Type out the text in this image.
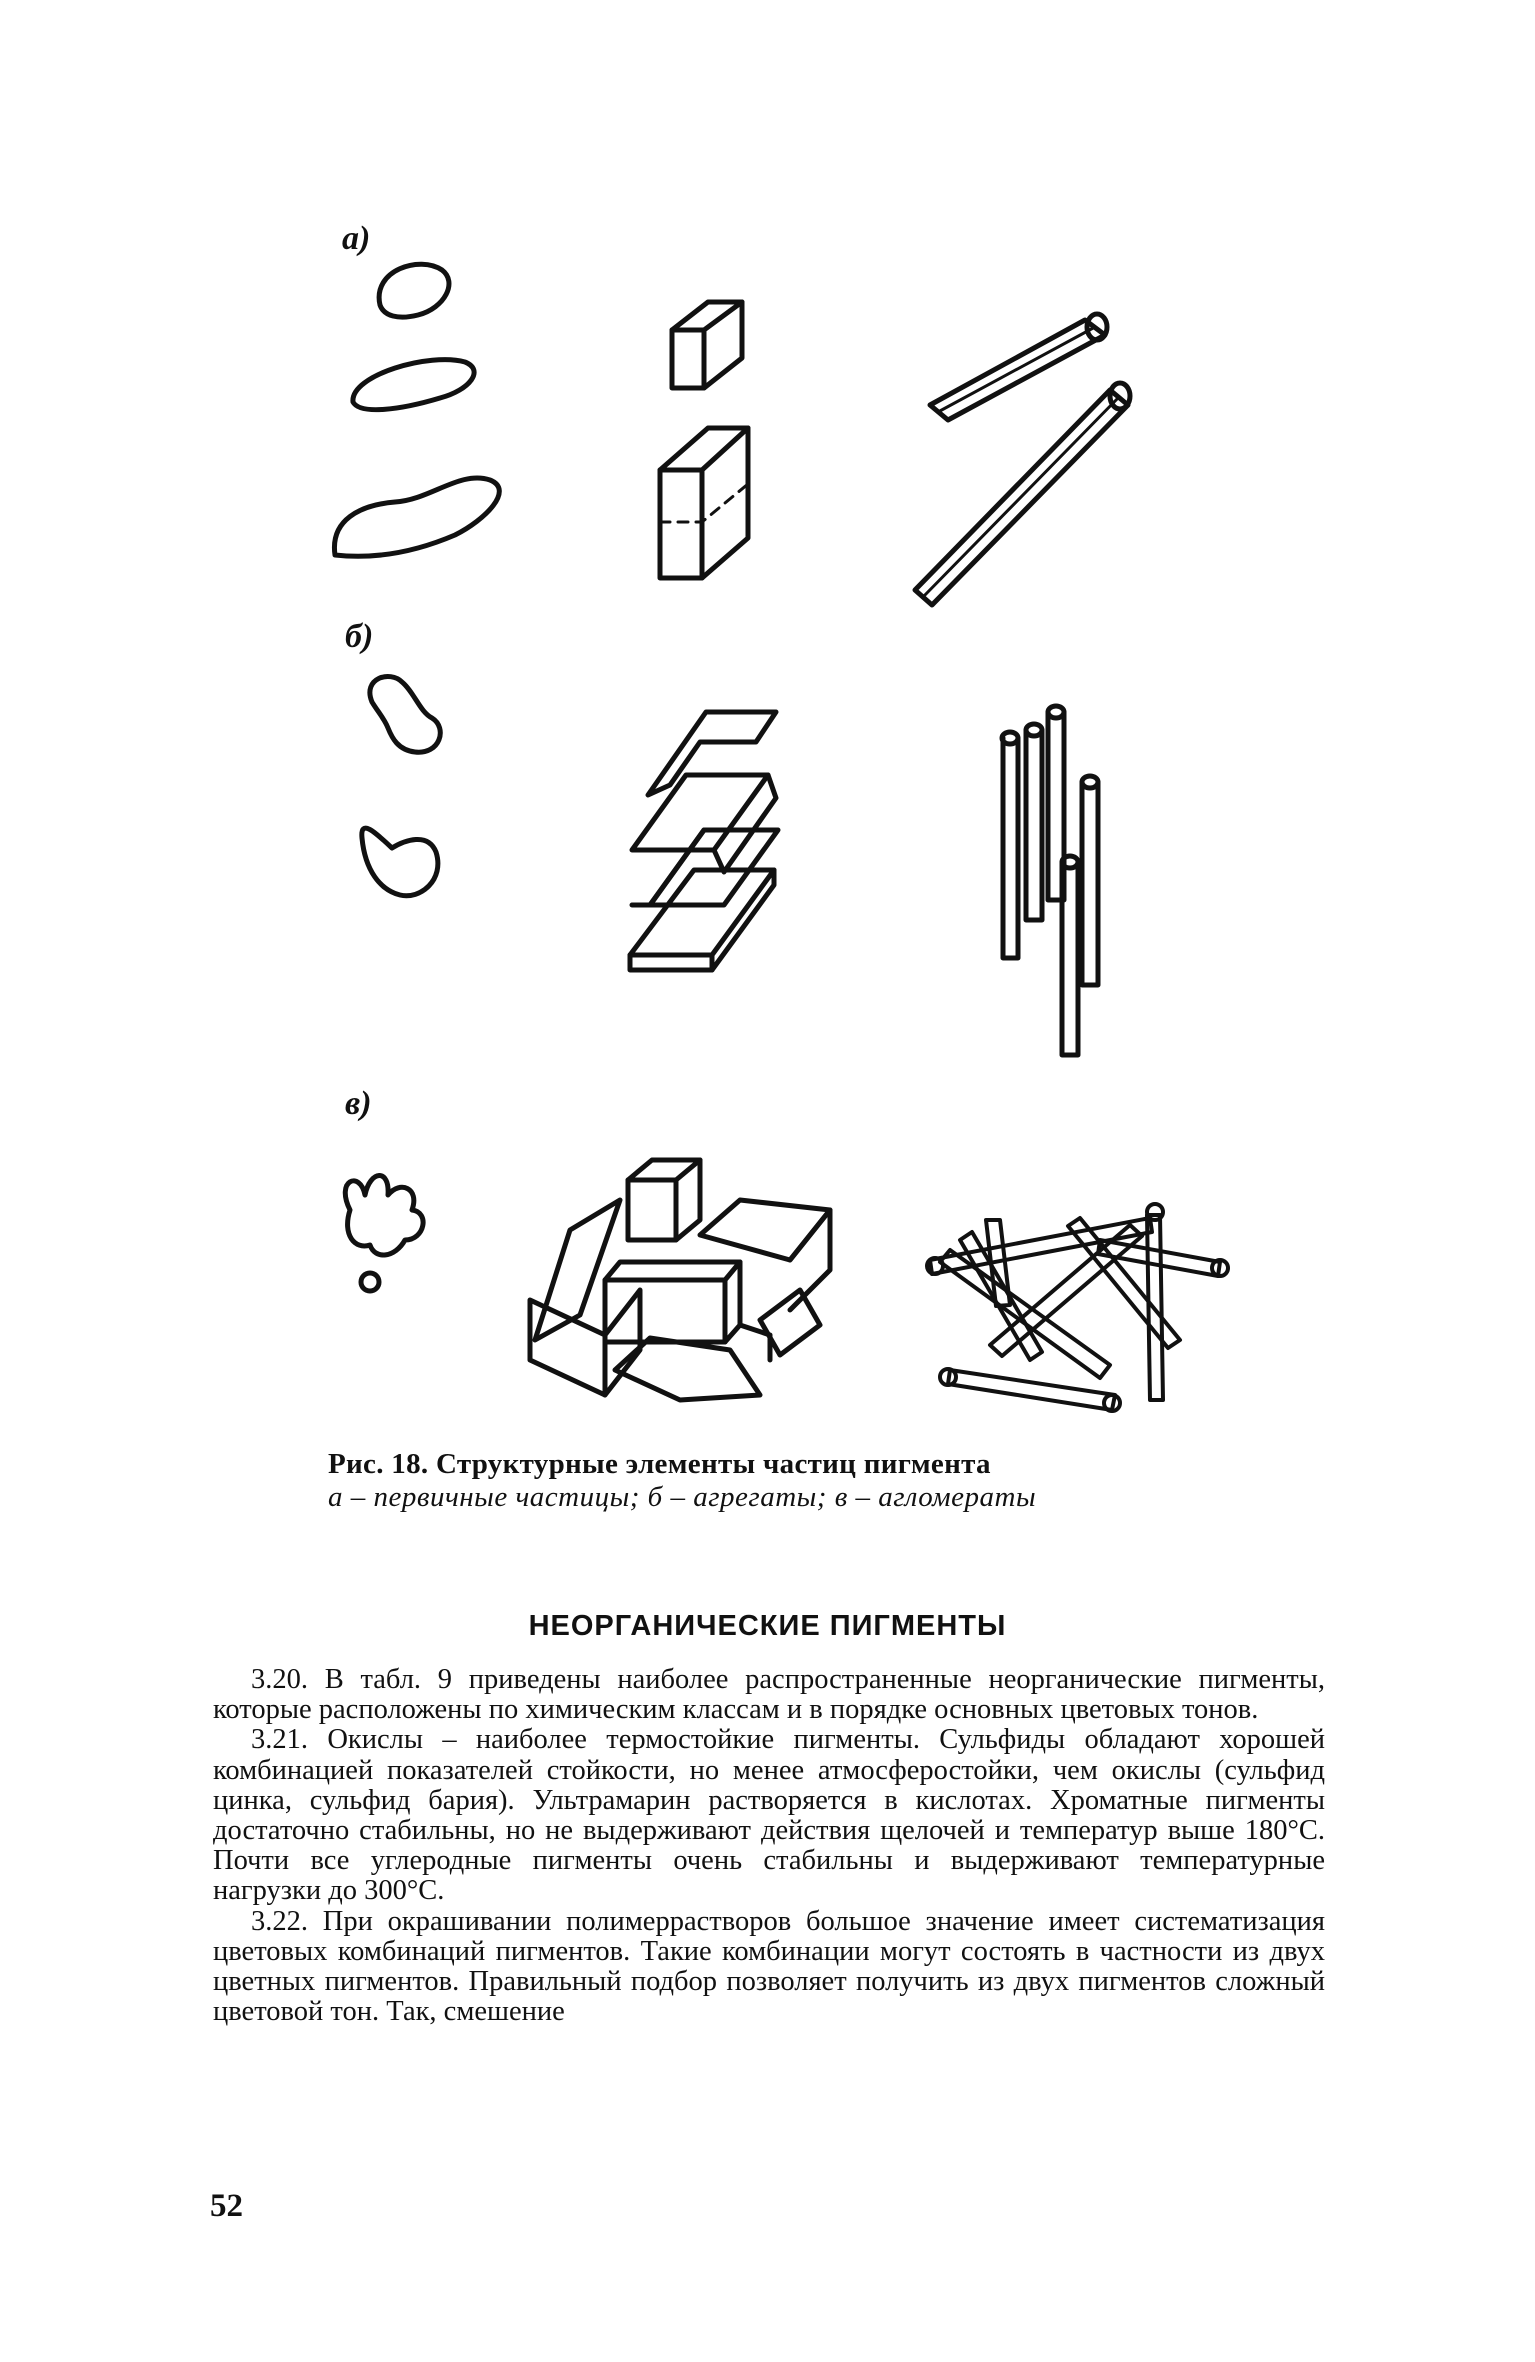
а)
б)
в)
Рис. 18. Структурные элементы частиц пигмента
а – первичные частицы; б – агрегаты; в – агломераты
НЕОРГАНИЧЕСКИЕ ПИГМЕНТЫ

3.20. В табл. 9 приведены наиболее распространенные неорганические пигменты, которые расположены по химическим классам и в порядке основных цветовых тонов.

3.21. Окислы – наиболее термостойкие пигменты. Сульфиды обладают хорошей комбинацией показателей стойкости, но менее атмосферостойки, чем окислы (сульфид цинка, сульфид бария). Ультрамарин растворяется в кислотах. Хроматные пигменты достаточно стабильны, но не выдерживают действия щелочей и температур выше 180°С. Почти все углеродные пигменты очень стабильны и выдерживают температурные нагрузки до 300°С.

3.22. При окрашивании полимеррастворов большое значение имеет систематизация цветовых комбинаций пигментов. Такие комбинации могут состоять в частности из двух цветных пигментов. Правильный подбор позволяет получить из двух пигментов сложный цветовой тон. Так, смешение

52
